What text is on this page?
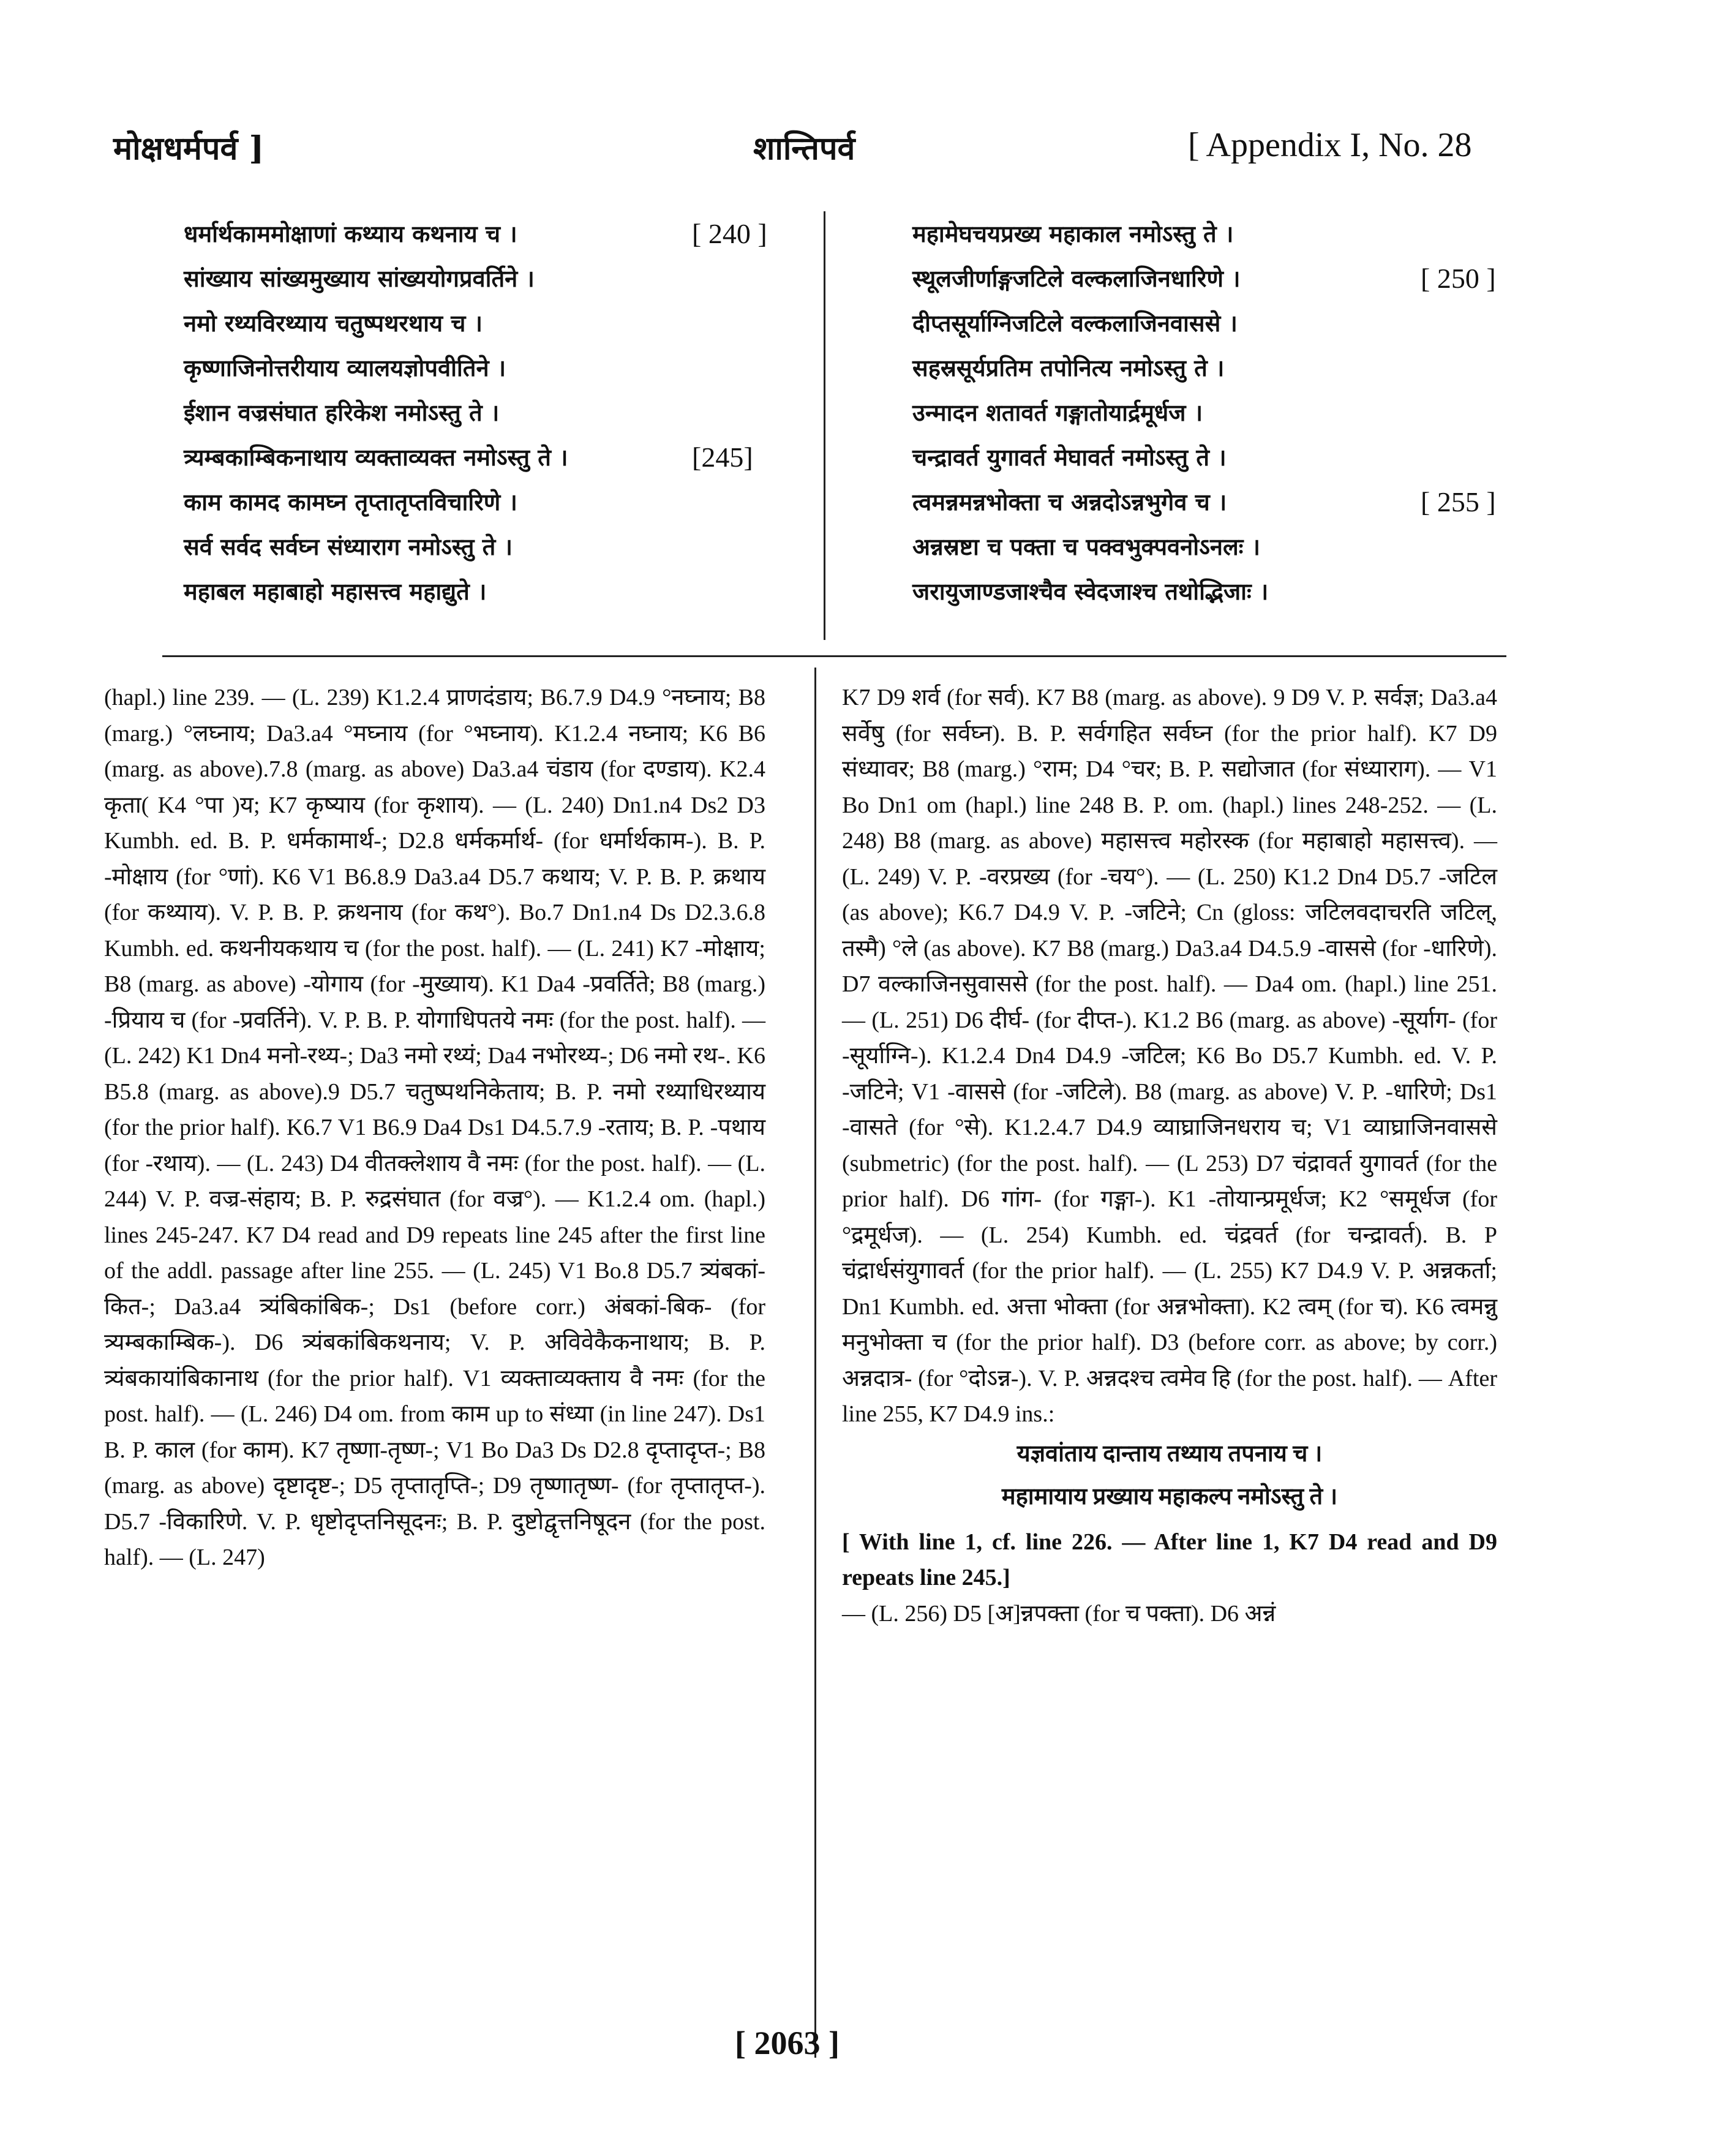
मोक्षधर्मपर्व ]	शान्तिपर्व	[ Appendix I, No. 28
धर्मार्थकाममोक्षाणां कथ्याय कथनाय च ।	[ 240 ]
सांख्याय सांख्यमुख्याय सांख्ययोगप्रवर्तिने ।
नमो रथ्यविरथ्याय चतुष्पथरथाय च ।
कृष्णाजिनोत्तरीयाय व्यालयज्ञोपवीतिने ।
ईशान वज्रसंघात हरिकेश नमोऽस्तु ते ।
त्र्यम्बकाम्बिकनाथाय व्यक्ताव्यक्त नमोऽस्तु ते ।	[245]
काम कामद कामघ्न तृप्तातृप्तविचारिणे ।
सर्व सर्वद सर्वघ्न संध्याराग नमोऽस्तु ते ।
महाबल महाबाहो महासत्त्व महाद्युते ।
महामेघचयप्रख्य महाकाल नमोऽस्तु ते ।
स्थूलजीर्णाङ्गजटिले वल्कलाजिनधारिणे ।	[ 250 ]
दीप्तसूर्याग्निजटिले वल्कलाजिनवाससे ।
सहस्रसूर्यप्रतिम तपोनित्य नमोऽस्तु ते ।
उन्मादन शतावर्त गङ्गातोयार्द्रमूर्धज ।
चन्द्रावर्त युगावर्त मेघावर्त नमोऽस्तु ते ।
त्वमन्नमन्नभोक्ता च अन्नदोऽन्नभुगेव च ।	[ 255 ]
अन्नस्रष्टा च पक्ता च पक्वभुक्पवनोऽनलः ।
जरायुजाण्डजाश्चैव स्वेदजाश्च तथोद्भिजाः ।

(hapl.) line 239. — (L. 239) K1.2.4 प्राणदंडाय; B6.7.9 D4.9 °नघ्नाय; B8 (marg.) °लघ्नाय; Da3.a4 °मघ्नाय (for °भघ्नाय). K1.2.4 नघ्नाय; K6 B6 (marg. as above).7.8 (marg. as above) Da3.a4 चंडाय (for दण्डाय). K2.4 कृता( K4 °पा )य; K7 कृष्याय (for कृशाय). — (L. 240) Dn1.n4 Ds2 D3 Kumbh. ed. B. P. धर्मकामार्थ-; D2.8 धर्मकर्मार्थ- (for धर्मार्थकाम-). B. P. -मोक्षाय (for °णां). K6 V1 B6.8.9 Da3.a4 D5.7 कथाय; V. P. B. P. क्रथाय (for कथ्याय). V. P. B. P. क्रथनाय (for कथ°). Bo.7 Dn1.n4 Ds D2.3.6.8 Kumbh. ed. कथनीयकथाय च (for the post. half). — (L. 241) K7 -मोक्षाय; B8 (marg. as above) -योगाय (for -मुख्याय). K1 Da4 -प्रवर्तिते; B8 (marg.) -प्रियाय च (for -प्रवर्तिने). V. P. B. P. योगाधिपतये नमः (for the post. half). — (L. 242) K1 Dn4 मनो-रथ्य-; Da3 नमो रथ्यं; Da4 नभोरथ्य-; D6 नमो रथ-. K6 B5.8 (marg. as above).9 D5.7 चतुष्पथनिकेताय; B. P. नमो रथ्याधिरथ्याय (for the prior half). K6.7 V1 B6.9 Da4 Ds1 D4.5.7.9 -रताय; B. P. -पथाय (for -रथाय). — (L. 243) D4 वीतक्लेशाय वै नमः (for the post. half). — (L. 244) V. P. वज्र-संहाय; B. P. रुद्रसंघात (for वज्र°). — K1.2.4 om. (hapl.) lines 245-247. K7 D4 read and D9 repeats line 245 after the first line of the addl. passage after line 255. — (L. 245) V1 Bo.8 D5.7 त्र्यंबकां-कित-; Da3.a4 त्र्यंबिकांबिक-; Ds1 (before corr.) अंबकां-बिक- (for त्र्यम्बकाम्बिक-). D6 त्र्यंबकांबिकथनाय; V. P. अविवेकैकनाथाय; B. P. त्र्यंबकायांबिकानाथ (for the prior half). V1 व्यक्ताव्यक्ताय वै नमः (for the post. half). — (L. 246) D4 om. from काम up to संध्या (in line 247). Ds1 B. P. काल (for काम). K7 तृष्णा-तृष्ण-; V1 Bo Da3 Ds D2.8 दृप्तादृप्त-; B8 (marg. as above) दृष्टादृष्ट-; D5 तृप्तातृप्ति-; D9 तृष्णातृष्ण- (for तृप्तातृप्त-). D5.7 -विकारिणे. V. P. धृष्टोदृप्तनिसूदनः; B. P. दुष्टोद्वृत्तनिषूदन (for the post. half). — (L. 247)

K7 D9 शर्व (for सर्व). K7 B8 (marg. as above). 9 D9 V. P. सर्वज्ञ; Da3.a4 सर्वेषु (for सर्वघ्न). B. P. सर्वगहित सर्वघ्न (for the prior half). K7 D9 संध्यावर; B8 (marg.) °राम; D4 °चर; B. P. सद्योजात (for संध्याराग). — V1 Bo Dn1 om (hapl.) line 248 B. P. om. (hapl.) lines 248-252. — (L. 248) B8 (marg. as above) महासत्त्व महोरस्क (for महाबाहो महासत्त्व). — (L. 249) V. P. -वरप्रख्य (for -चय°). — (L. 250) K1.2 Dn4 D5.7 -जटिल (as above); K6.7 D4.9 V. P. -जटिने; Cn (gloss: जटिलवदाचरति जटिल्, तस्मै) °ले (as above). K7 B8 (marg.) Da3.a4 D4.5.9 -वाससे (for -धारिणे). D7 वल्काजिनसुवाससे (for the post. half). — Da4 om. (hapl.) line 251. — (L. 251) D6 दीर्घ- (for दीप्त-). K1.2 B6 (marg. as above) -सूर्याग- (for -सूर्याग्नि-). K1.2.4 Dn4 D4.9 -जटिल; K6 Bo D5.7 Kumbh. ed. V. P. -जटिने; V1 -वाससे (for -जटिले). B8 (marg. as above) V. P. -धारिणे; Ds1 -वासते (for °से). K1.2.4.7 D4.9 व्याघ्राजिनधराय च; V1 व्याघ्राजिनवाससे (submetric) (for the post. half). — (L 253) D7 चंद्रावर्त युगावर्त (for the prior half). D6 गांग- (for गङ्गा-). K1 -तोयान्प्रमूर्धज; K2 °समूर्धज (for °द्रमूर्धज). — (L. 254) Kumbh. ed. चंद्रवर्त (for चन्द्रावर्त). B. P चंद्रार्धसंयुगावर्त (for the prior half). — (L. 255) K7 D4.9 V. P. अन्नकर्ता; Dn1 Kumbh. ed. अत्ता भोक्ता (for अन्नभोक्ता). K2 त्वम् (for च). K6 त्वमन्नु मनुभोक्ता च (for the prior half). D3 (before corr. as above; by corr.) अन्नदात्र- (for °दोऽन्न-). V. P. अन्नदश्च त्वमेव हि (for the post. half). — After line 255, K7 D4.9 ins.:

यज्ञवांताय दान्ताय तथ्याय तपनाय च ।
महामायाय प्रख्याय महाकल्प नमोऽस्तु ते ।

[ With line 1, cf. line 226. — After line 1, K7 D4 read and D9 repeats line 245.]

— (L. 256) D5 [अ]न्नपक्ता (for च पक्ता). D6 अन्नं

[ 2063 ]
